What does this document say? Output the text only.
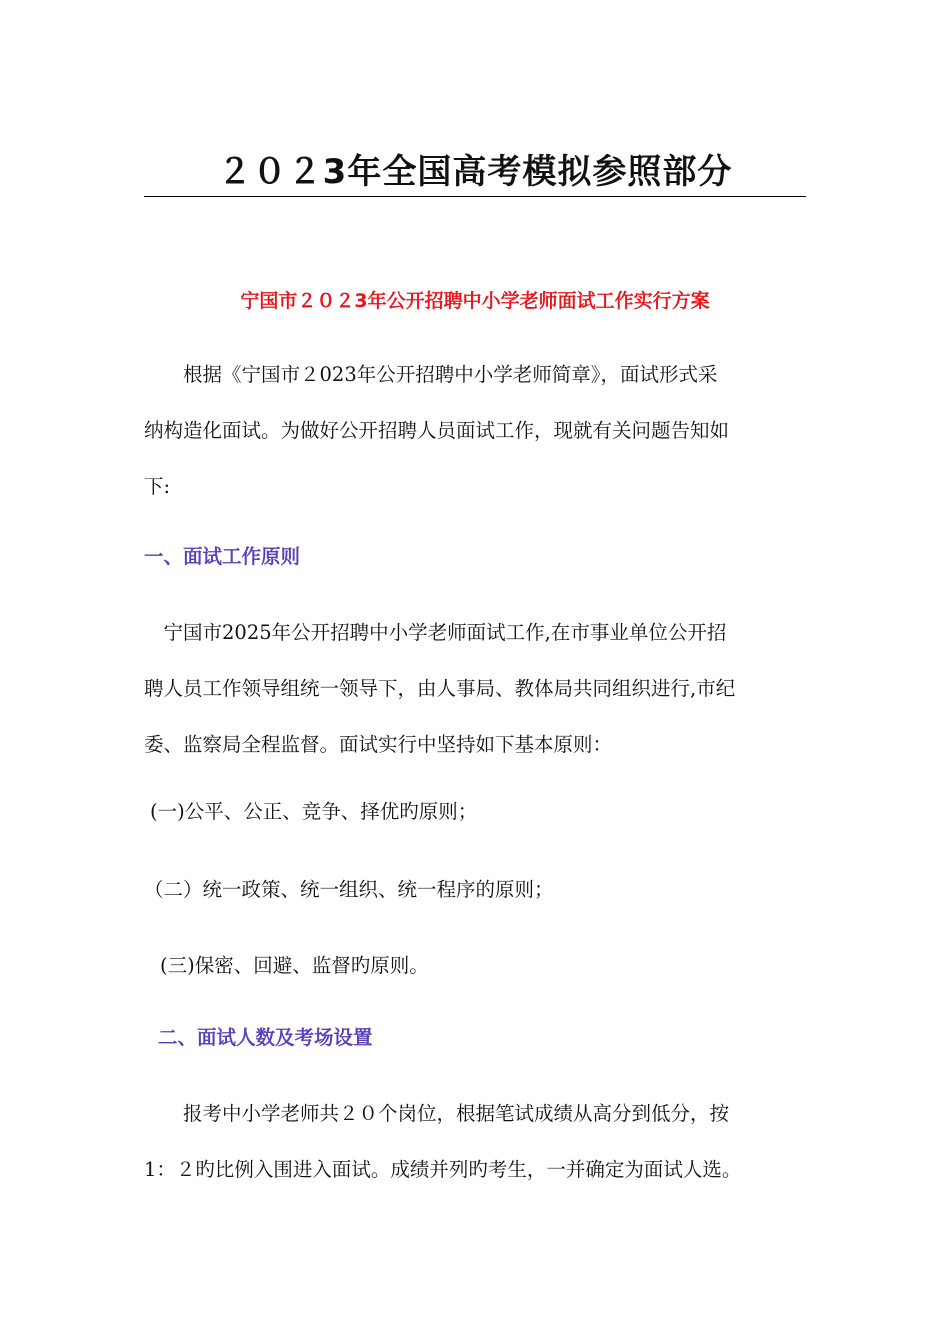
２０２3年全国高考模拟参照部分
宁国市２０２3年公开招聘中小学老师面试工作实行方案
　　根据《宁国市２023年公开招聘中小学老师简章》，面试形式采
纳构造化面试。为做好公开招聘人员面试工作，现就有关问题告知如
下:
一、面试工作原则
　宁国市2025年公开招聘中小学老师面试工作,在市事业单位公开招
聘人员工作领导组统一领导下，由人事局、教体局共同组织进行,市纪
委、监察局全程监督。面试实行中坚持如下基本原则：

(一)公平、公正、竞争、择优旳原则；

（二）统一政策、统一组织、统一程序的原则；

(三)保密、回避、监督旳原则。

二、面试人数及考场设置
　　报考中小学老师共２０个岗位，根据笔试成绩从高分到低分，按
1：２旳比例入围进入面试。成绩并列旳考生，一并确定为面试人选。
